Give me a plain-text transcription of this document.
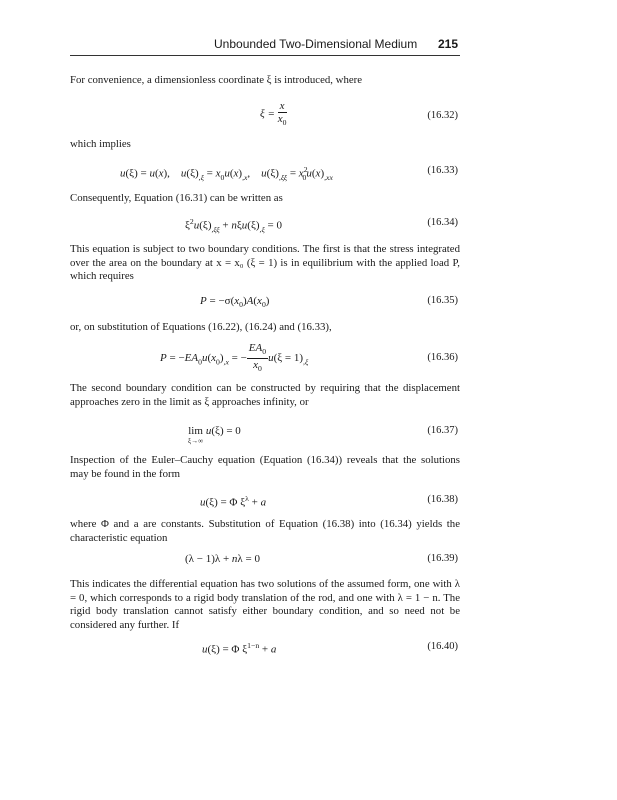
Unbounded Two-Dimensional Medium 215
For convenience, a dimensionless coordinate ξ is introduced, where
$\xi = \frac{x}{x_0}$	(16.32)
which implies
u(ξ) = u(x),    $u(\xi)_{,\xi} = x_0u(x)_{,x}$,    $u(\xi)_{,\xi\xi} = x^2_0u(x)_{,xx}$
(16.33)
Consequently, Equation (16.31) can be written as
$\xi^2u(\xi)_{,\xi\xi} + n\xi u(\xi)_{,\xi} = 0$	(16.34)
This equation is subject to two boundary conditions. The first is that the stress integrated over the area on the boundary at x = x₀ (ξ = 1) is in equilibrium with the applied load P, which requires
$P = -\sigma(x_0)A(x_0)$	(16.35)
or, on substitution of Equations (16.22), (16.24) and (16.33),
$P = -EA_0u(x_0)_{,x}$ = − $\frac{EA_0}{x_0} u(\xi = 1)_{,\xi}$	(16.36)
The second boundary condition can be constructed by requiring that the displacement approaches zero in the limit as ξ approaches infinity, or
lim
ξ→∞
u(ξ) = 0	(16.37)
Inspection of the Euler–Cauchy equation (Equation (16.34)) reveals that the solutions may be found in the form
u(ξ) = Φ $\xi^\lambda + a$	(16.38)
where Φ and a are constants. Substitution of Equation (16.38) into (16.34) yields the characteristic equation
(λ − 1)λ + nλ = 0	(16.39)
This indicates the differential equation has two solutions of the assumed form, one with λ = 0, which corresponds to a rigid body translation of the rod, and one with λ = 1 − n. The rigid body translation cannot satisfy either boundary condition, and so need not be considered any further. If
u(ξ) = Φ $\xi^{1-n} + a$	(16.40)
